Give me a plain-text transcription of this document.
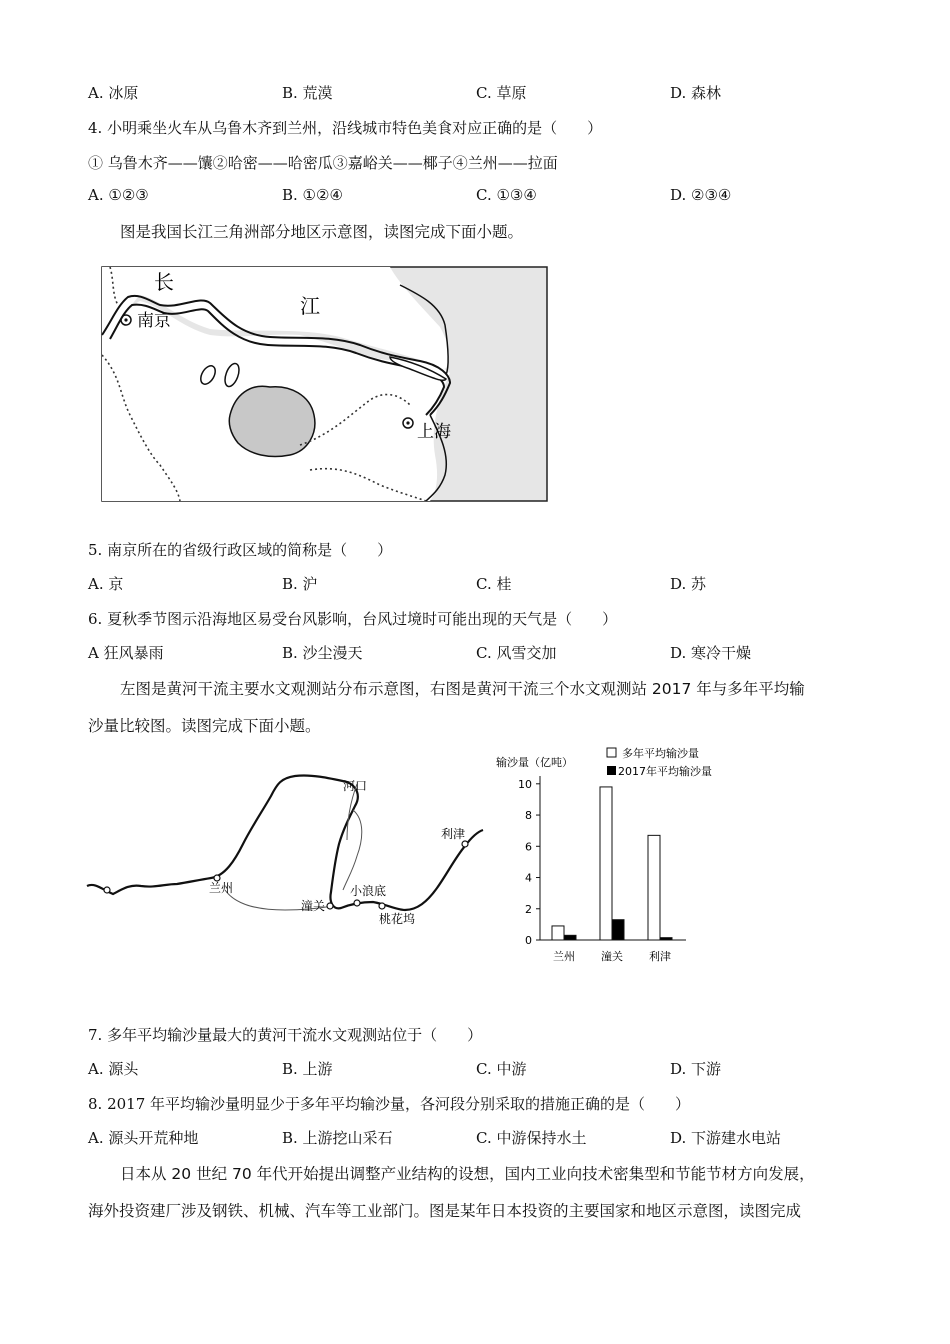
A. 冰原	B. 荒漠	C. 草原	D. 森林
4. 小明乘坐火车从乌鲁木齐到兰州，沿线城市特色美食对应正确的是（　　）
① 乌鲁木齐——馕②哈密——哈密瓜③嘉峪关——椰子④兰州——拉面
A. ①②③	B. ①②④	C. ①③④	D. ②③④
图是我国长江三角洲部分地区示意图，读图完成下面小题。
长
江
南京
上海
5. 南京所在的省级行政区域的简称是（　　）
A. 京	B. 沪	C. 桂	D. 苏
6. 夏秋季节图示沿海地区易受台风影响，台风过境时可能出现的天气是（　　）
A 狂风暴雨	B. 沙尘漫天	C. 风雪交加	D. 寒冷干燥
左图是黄河干流主要水文观测站分布示意图，右图是黄河干流三个水文观测站 2017 年与多年平均输
沙量比较图。读图完成下面小题。
河口
利津
兰州
潼关
小浪底
桃花坞
输沙量（亿吨）
多年平均输沙量
2017年平均输沙量
0
2
4
6
8
10
兰州 潼关 利津
7. 多年平均输沙量最大的黄河干流水文观测站位于（　　）
A. 源头	B. 上游	C. 中游	D. 下游
8. 2017 年平均输沙量明显少于多年平均输沙量，各河段分别采取的措施正确的是（　　）
A. 源头开荒种地	B. 上游挖山采石	C. 中游保持水土	D. 下游建水电站
日本从 20 世纪 70 年代开始提出调整产业结构的设想，国内工业向技术密集型和节能节材方向发展，
海外投资建厂涉及钢铁、机械、汽车等工业部门。图是某年日本投资的主要国家和地区示意图，读图完成
